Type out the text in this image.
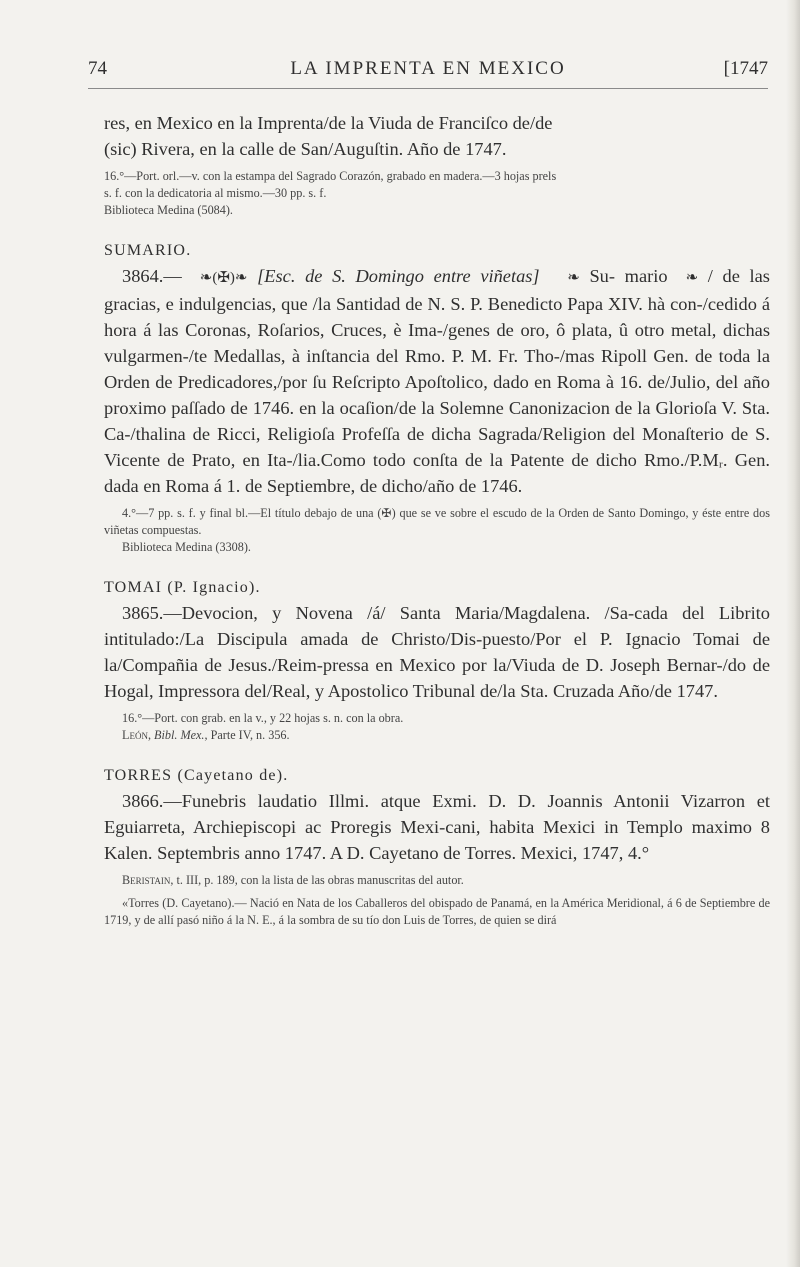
74	LA IMPRENTA EN MEXICO	[1747

res, en Mexico en la Imprenta/de la Viuda de Franciſco de/de
(sic) Rivera, en la calle de San/Auguſtin. Año de 1747.

16.°—Port. orl.—v. con la estampa del Sagrado Corazón, grabado en madera.—3 hojas prels
s. f. con la dedicatoria al mismo.—30 pp. s. f.
Biblioteca Medina (5084).

SUMARIO.

3864.— ❧(✠)❧ [Esc. de S. Domingo entre viñetas] ❧ Su- mario ❧ / de las gracias, e indulgencias, que /la Santidad de N. S. P. Benedicto Papa XIV. hà con-/cedido á hora á las Coronas, Roſarios, Cruces, è Ima-/genes de oro, ô plata, û otro metal, dichas vulgarmen-/te Medallas, à inſtancia del Rmo. P. M. Fr. Tho-/mas Ripoll Gen. de toda la Orden de Predicadores,/por ſu Reſcripto Apoſtolico, dado en Roma à 16. de/Julio, del año proximo paſſado de 1746. en la ocaſion/de la Solemne Canonizacion de la Glorioſa V. Sta. Ca-/thalina de Ricci, Religioſa Profeſſa de dicha Sagrada/Religion del Monaſterio de S. Vicente de Prato, en Ita-/lia.Como todo conſta de la Patente de dicho Rmo./P.Mᵣ. Gen. dada en Roma á 1. de Septiembre, de dicho/año de 1746.

4.°—7 pp. s. f. y final bl.—El título debajo de una (✠) que se ve sobre el escudo de la Orden de Santo Domingo, y éste entre dos viñetas compuestas.

Biblioteca Medina (3308).

TOMAI (P. Ignacio).

3865.—Devocion, y Novena /á/ Santa Maria/Magdalena. /Sa-cada del Librito intitulado:/La Discipula amada de Christo/Dis-puesto/Por el P. Ignacio Tomai de la/Compañia de Jesus./Reim-pressa en Mexico por la/Viuda de D. Joseph Bernar-/do de Hogal, Impressora del/Real, y Apostolico Tribunal de/la Sta. Cruzada Año/de 1747.

16.°—Port. con grab. en la v., y 22 hojas s. n. con la obra.

León, Bibl. Mex., Parte IV, n. 356.

TORRES (Cayetano de).

3866.—Funebris laudatio Illmi. atque Exmi. D. D. Joannis Antonii Vizarron et Eguiarreta, Archiepiscopi ac Proregis Mexi-cani, habita Mexici in Templo maximo 8 Kalen. Septembris anno 1747. A D. Cayetano de Torres. Mexici, 1747, 4.°

Beristain, t. III, p. 189, con la lista de las obras manuscritas del autor.

«Torres (D. Cayetano).— Nació en Nata de los Caballeros del obispado de Panamá, en la América Meridional, á 6 de Septiembre de 1719, y de allí pasó niño á la N. E., á la sombra de su tío don Luis de Torres, de quien se dirá
